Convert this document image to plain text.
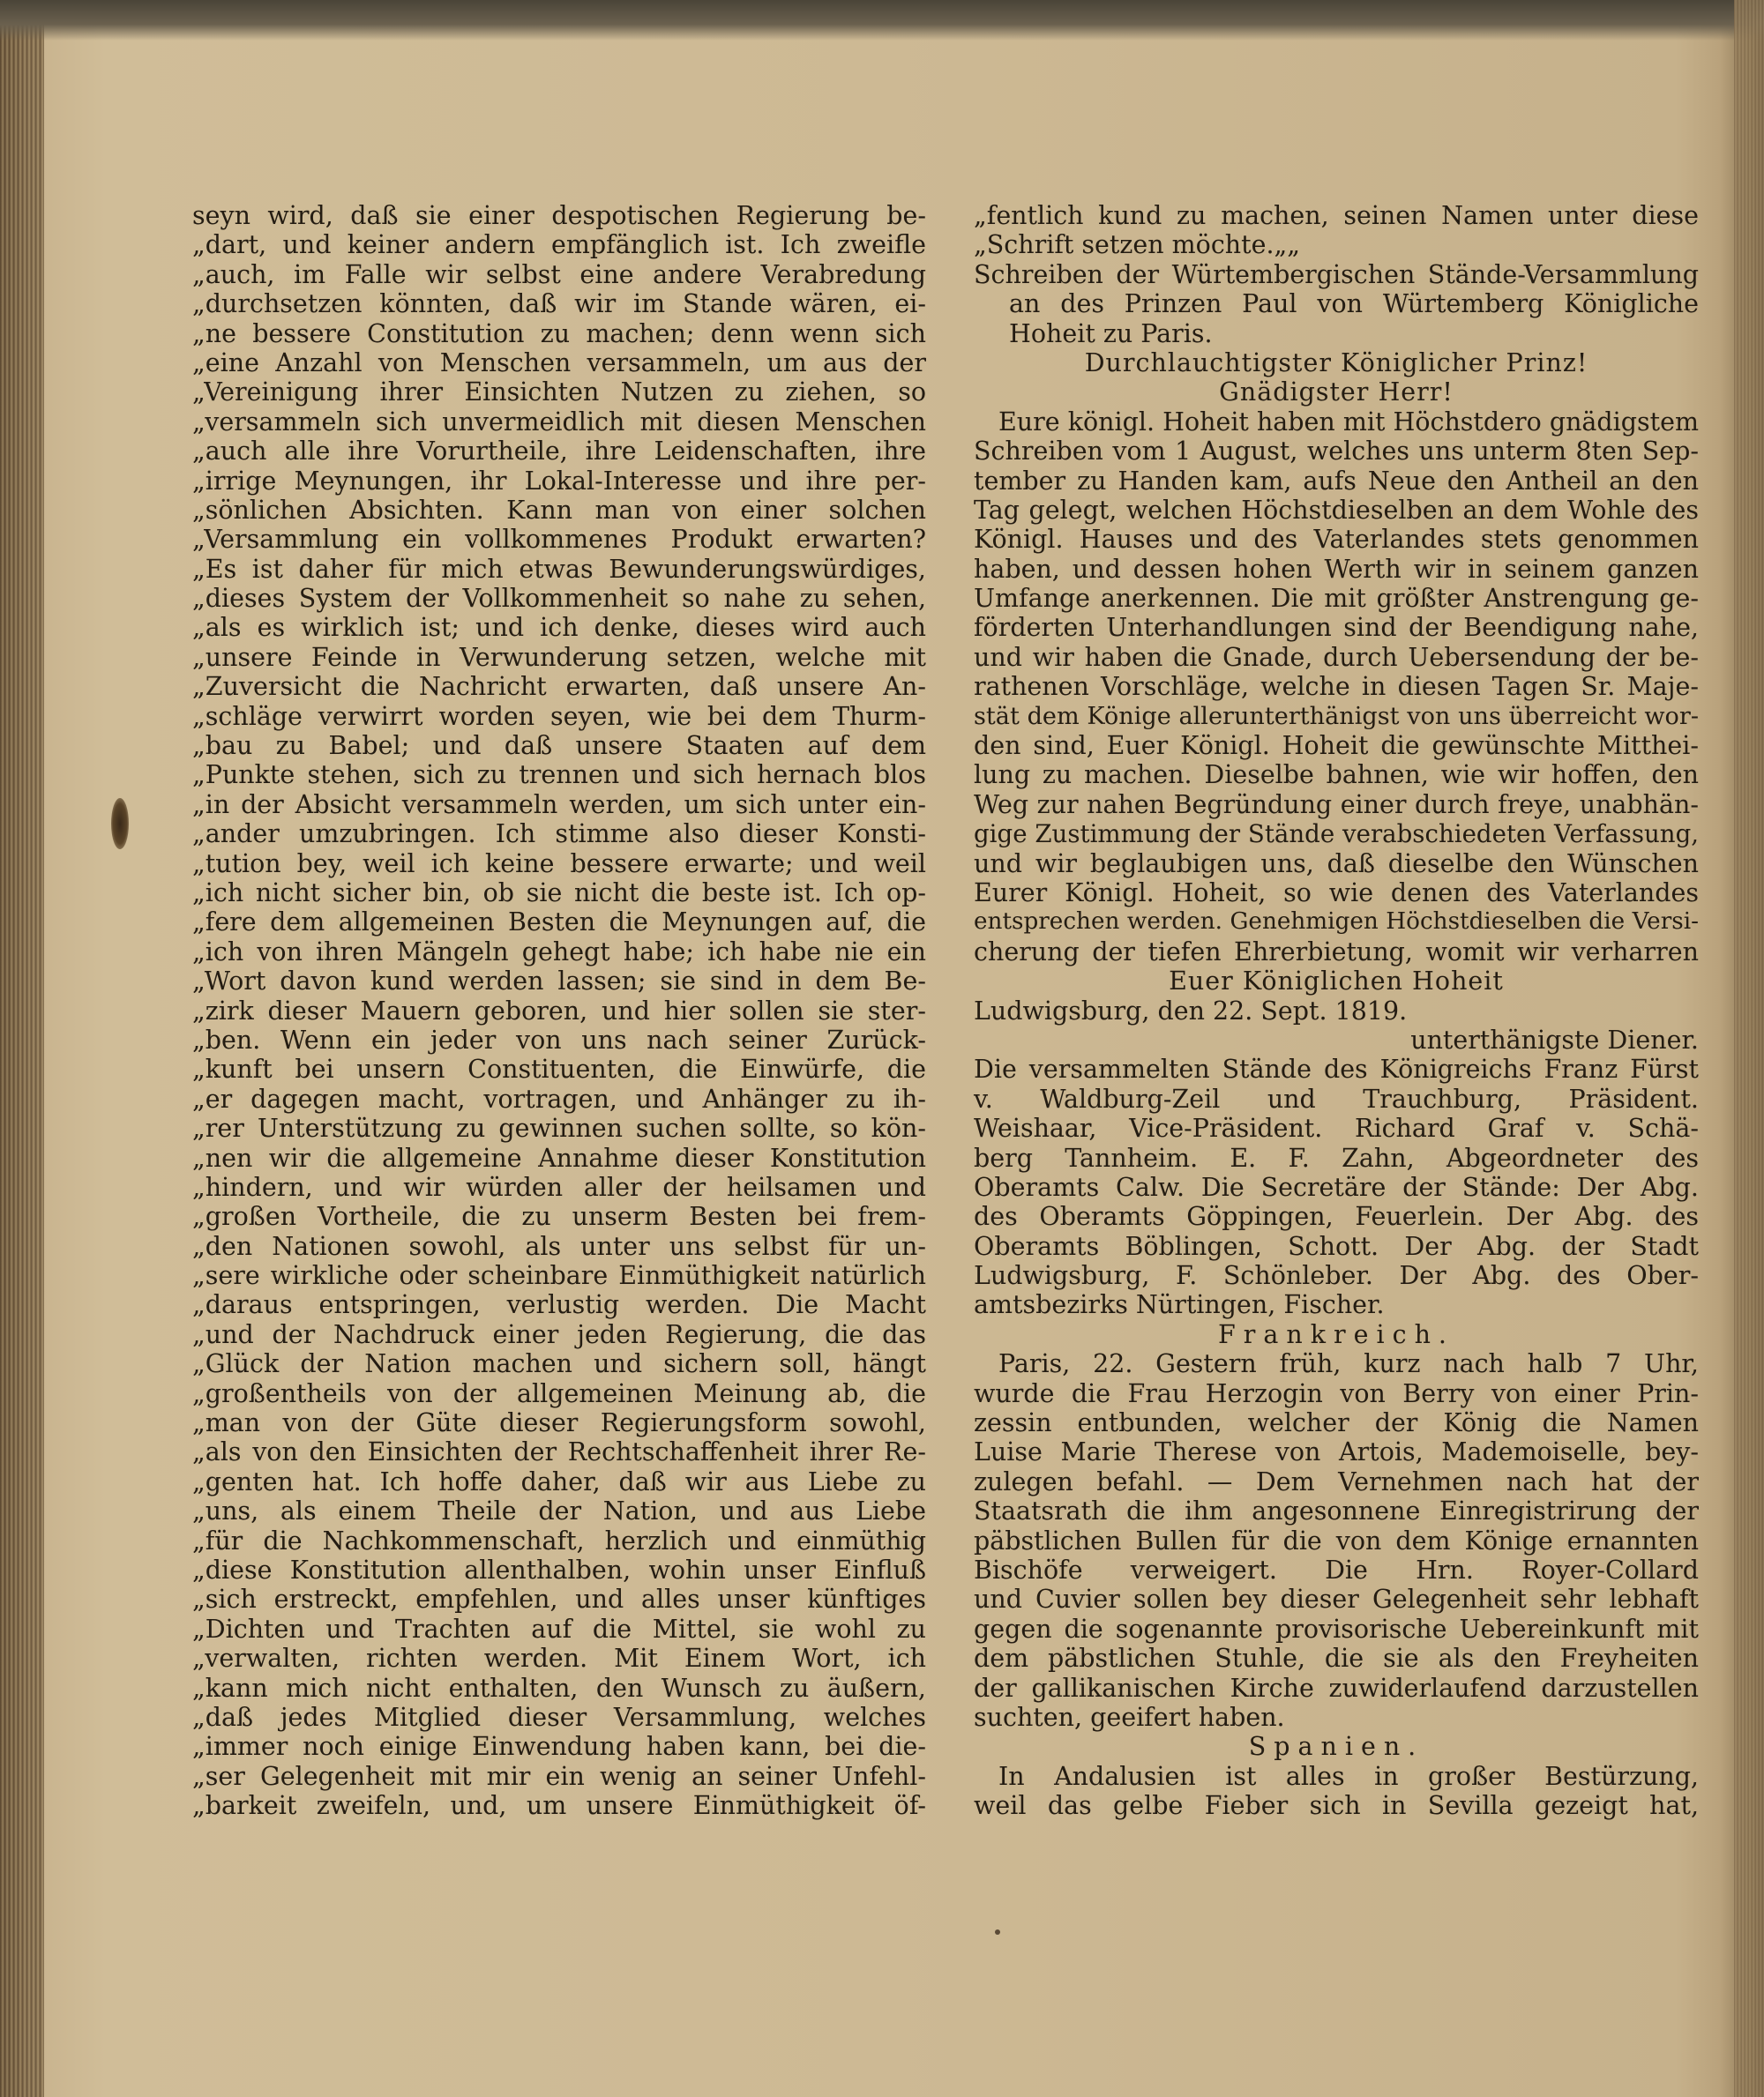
seyn wird, daß sie einer despotischen Regierung be-
„dart, und keiner andern empfänglich ist. Ich zweifle
„auch, im Falle wir selbst eine andere Verabredung
„durchsetzen könnten, daß wir im Stande wären, ei-
„ne bessere Constitution zu machen; denn wenn sich
„eine Anzahl von Menschen versammeln, um aus der
„Vereinigung ihrer Einsichten Nutzen zu ziehen, so
„versammeln sich unvermeidlich mit diesen Menschen
„auch alle ihre Vorurtheile, ihre Leidenschaften, ihre
„irrige Meynungen, ihr Lokal-Interesse und ihre per-
„sönlichen Absichten. Kann man von einer solchen
„Versammlung ein vollkommenes Produkt erwarten?
„Es ist daher für mich etwas Bewunderungswürdiges,
„dieses System der Vollkommenheit so nahe zu sehen,
„als es wirklich ist; und ich denke, dieses wird auch
„unsere Feinde in Verwunderung setzen, welche mit
„Zuversicht die Nachricht erwarten, daß unsere An-
„schläge verwirrt worden seyen, wie bei dem Thurm-
„bau zu Babel; und daß unsere Staaten auf dem
„Punkte stehen, sich zu trennen und sich hernach blos
„in der Absicht versammeln werden, um sich unter ein-
„ander umzubringen. Ich stimme also dieser Konsti-
„tution bey, weil ich keine bessere erwarte; und weil
„ich nicht sicher bin, ob sie nicht die beste ist. Ich op-
„fere dem allgemeinen Besten die Meynungen auf, die
„ich von ihren Mängeln gehegt habe; ich habe nie ein
„Wort davon kund werden lassen; sie sind in dem Be-
„zirk dieser Mauern geboren, und hier sollen sie ster-
„ben. Wenn ein jeder von uns nach seiner Zurück-
„kunft bei unsern Constituenten, die Einwürfe, die
„er dagegen macht, vortragen, und Anhänger zu ih-
„rer Unterstützung zu gewinnen suchen sollte, so kön-
„nen wir die allgemeine Annahme dieser Konstitution
„hindern, und wir würden aller der heilsamen und
„großen Vortheile, die zu unserm Besten bei frem-
„den Nationen sowohl, als unter uns selbst für un-
„sere wirkliche oder scheinbare Einmüthigkeit natürlich
„daraus entspringen, verlustig werden. Die Macht
„und der Nachdruck einer jeden Regierung, die das
„Glück der Nation machen und sichern soll, hängt
„großentheils von der allgemeinen Meinung ab, die
„man von der Güte dieser Regierungsform sowohl,
„als von den Einsichten der Rechtschaffenheit ihrer Re-
„genten hat. Ich hoffe daher, daß wir aus Liebe zu
„uns, als einem Theile der Nation, und aus Liebe
„für die Nachkommenschaft, herzlich und einmüthig
„diese Konstitution allenthalben, wohin unser Einfluß
„sich erstreckt, empfehlen, und alles unser künftiges
„Dichten und Trachten auf die Mittel, sie wohl zu
„verwalten, richten werden. Mit Einem Wort, ich
„kann mich nicht enthalten, den Wunsch zu äußern,
„daß jedes Mitglied dieser Versammlung, welches
„immer noch einige Einwendung haben kann, bei die-
„ser Gelegenheit mit mir ein wenig an seiner Unfehl-
„barkeit zweifeln, und, um unsere Einmüthigkeit öf-
„fentlich kund zu machen, seinen Namen unter diese
„Schrift setzen möchte.„„
Schreiben der Würtembergischen Stände-Versammlung
an des Prinzen Paul von Würtemberg Königliche
Hoheit zu Paris.
Durchlauchtigster Königlicher Prinz!
Gnädigster Herr!
Eure königl. Hoheit haben mit Höchstdero gnädigstem
Schreiben vom 1 August, welches uns unterm 8ten Sep-
tember zu Handen kam, aufs Neue den Antheil an den
Tag gelegt, welchen Höchstdieselben an dem Wohle des
Königl. Hauses und des Vaterlandes stets genommen
haben, und dessen hohen Werth wir in seinem ganzen
Umfange anerkennen. Die mit größter Anstrengung ge-
förderten Unterhandlungen sind der Beendigung nahe,
und wir haben die Gnade, durch Uebersendung der be-
rathenen Vorschläge, welche in diesen Tagen Sr. Maje-
stät dem Könige allerunterthänigst von uns überreicht wor-
den sind, Euer Königl. Hoheit die gewünschte Mitthei-
lung zu machen. Dieselbe bahnen, wie wir hoffen, den
Weg zur nahen Begründung einer durch freye, unabhän-
gige Zustimmung der Stände verabschiedeten Verfassung,
und wir beglaubigen uns, daß dieselbe den Wünschen
Eurer Königl. Hoheit, so wie denen des Vaterlandes
entsprechen werden. Genehmigen Höchstdieselben die Versi-
cherung der tiefen Ehrerbietung, womit wir verharren
Euer Königlichen Hoheit
Ludwigsburg, den 22. Sept. 1819.
unterthänigste Diener.
Die versammelten Stände des Königreichs Franz Fürst
v. Waldburg-Zeil und Trauchburg, Präsident.
Weishaar, Vice-Präsident. Richard Graf v. Schä-
berg Tannheim. E. F. Zahn, Abgeordneter des
Oberamts Calw. Die Secretäre der Stände: Der Abg.
des Oberamts Göppingen, Feuerlein. Der Abg. des
Oberamts Böblingen, Schott. Der Abg. der Stadt
Ludwigsburg, F. Schönleber. Der Abg. des Ober-
amtsbezirks Nürtingen, Fischer.
Frankreich.
Paris, 22. Gestern früh, kurz nach halb 7 Uhr,
wurde die Frau Herzogin von Berry von einer Prin-
zessin entbunden, welcher der König die Namen
Luise Marie Therese von Artois, Mademoiselle, bey-
zulegen befahl. — Dem Vernehmen nach hat der
Staatsrath die ihm angesonnene Einregistrirung der
päbstlichen Bullen für die von dem Könige ernannten
Bischöfe verweigert. Die Hrn. Royer-Collard
und Cuvier sollen bey dieser Gelegenheit sehr lebhaft
gegen die sogenannte provisorische Uebereinkunft mit
dem päbstlichen Stuhle, die sie als den Freyheiten
der gallikanischen Kirche zuwiderlaufend darzustellen
suchten, geeifert haben.
Spanien.
In Andalusien ist alles in großer Bestürzung,
weil das gelbe Fieber sich in Sevilla gezeigt hat,
